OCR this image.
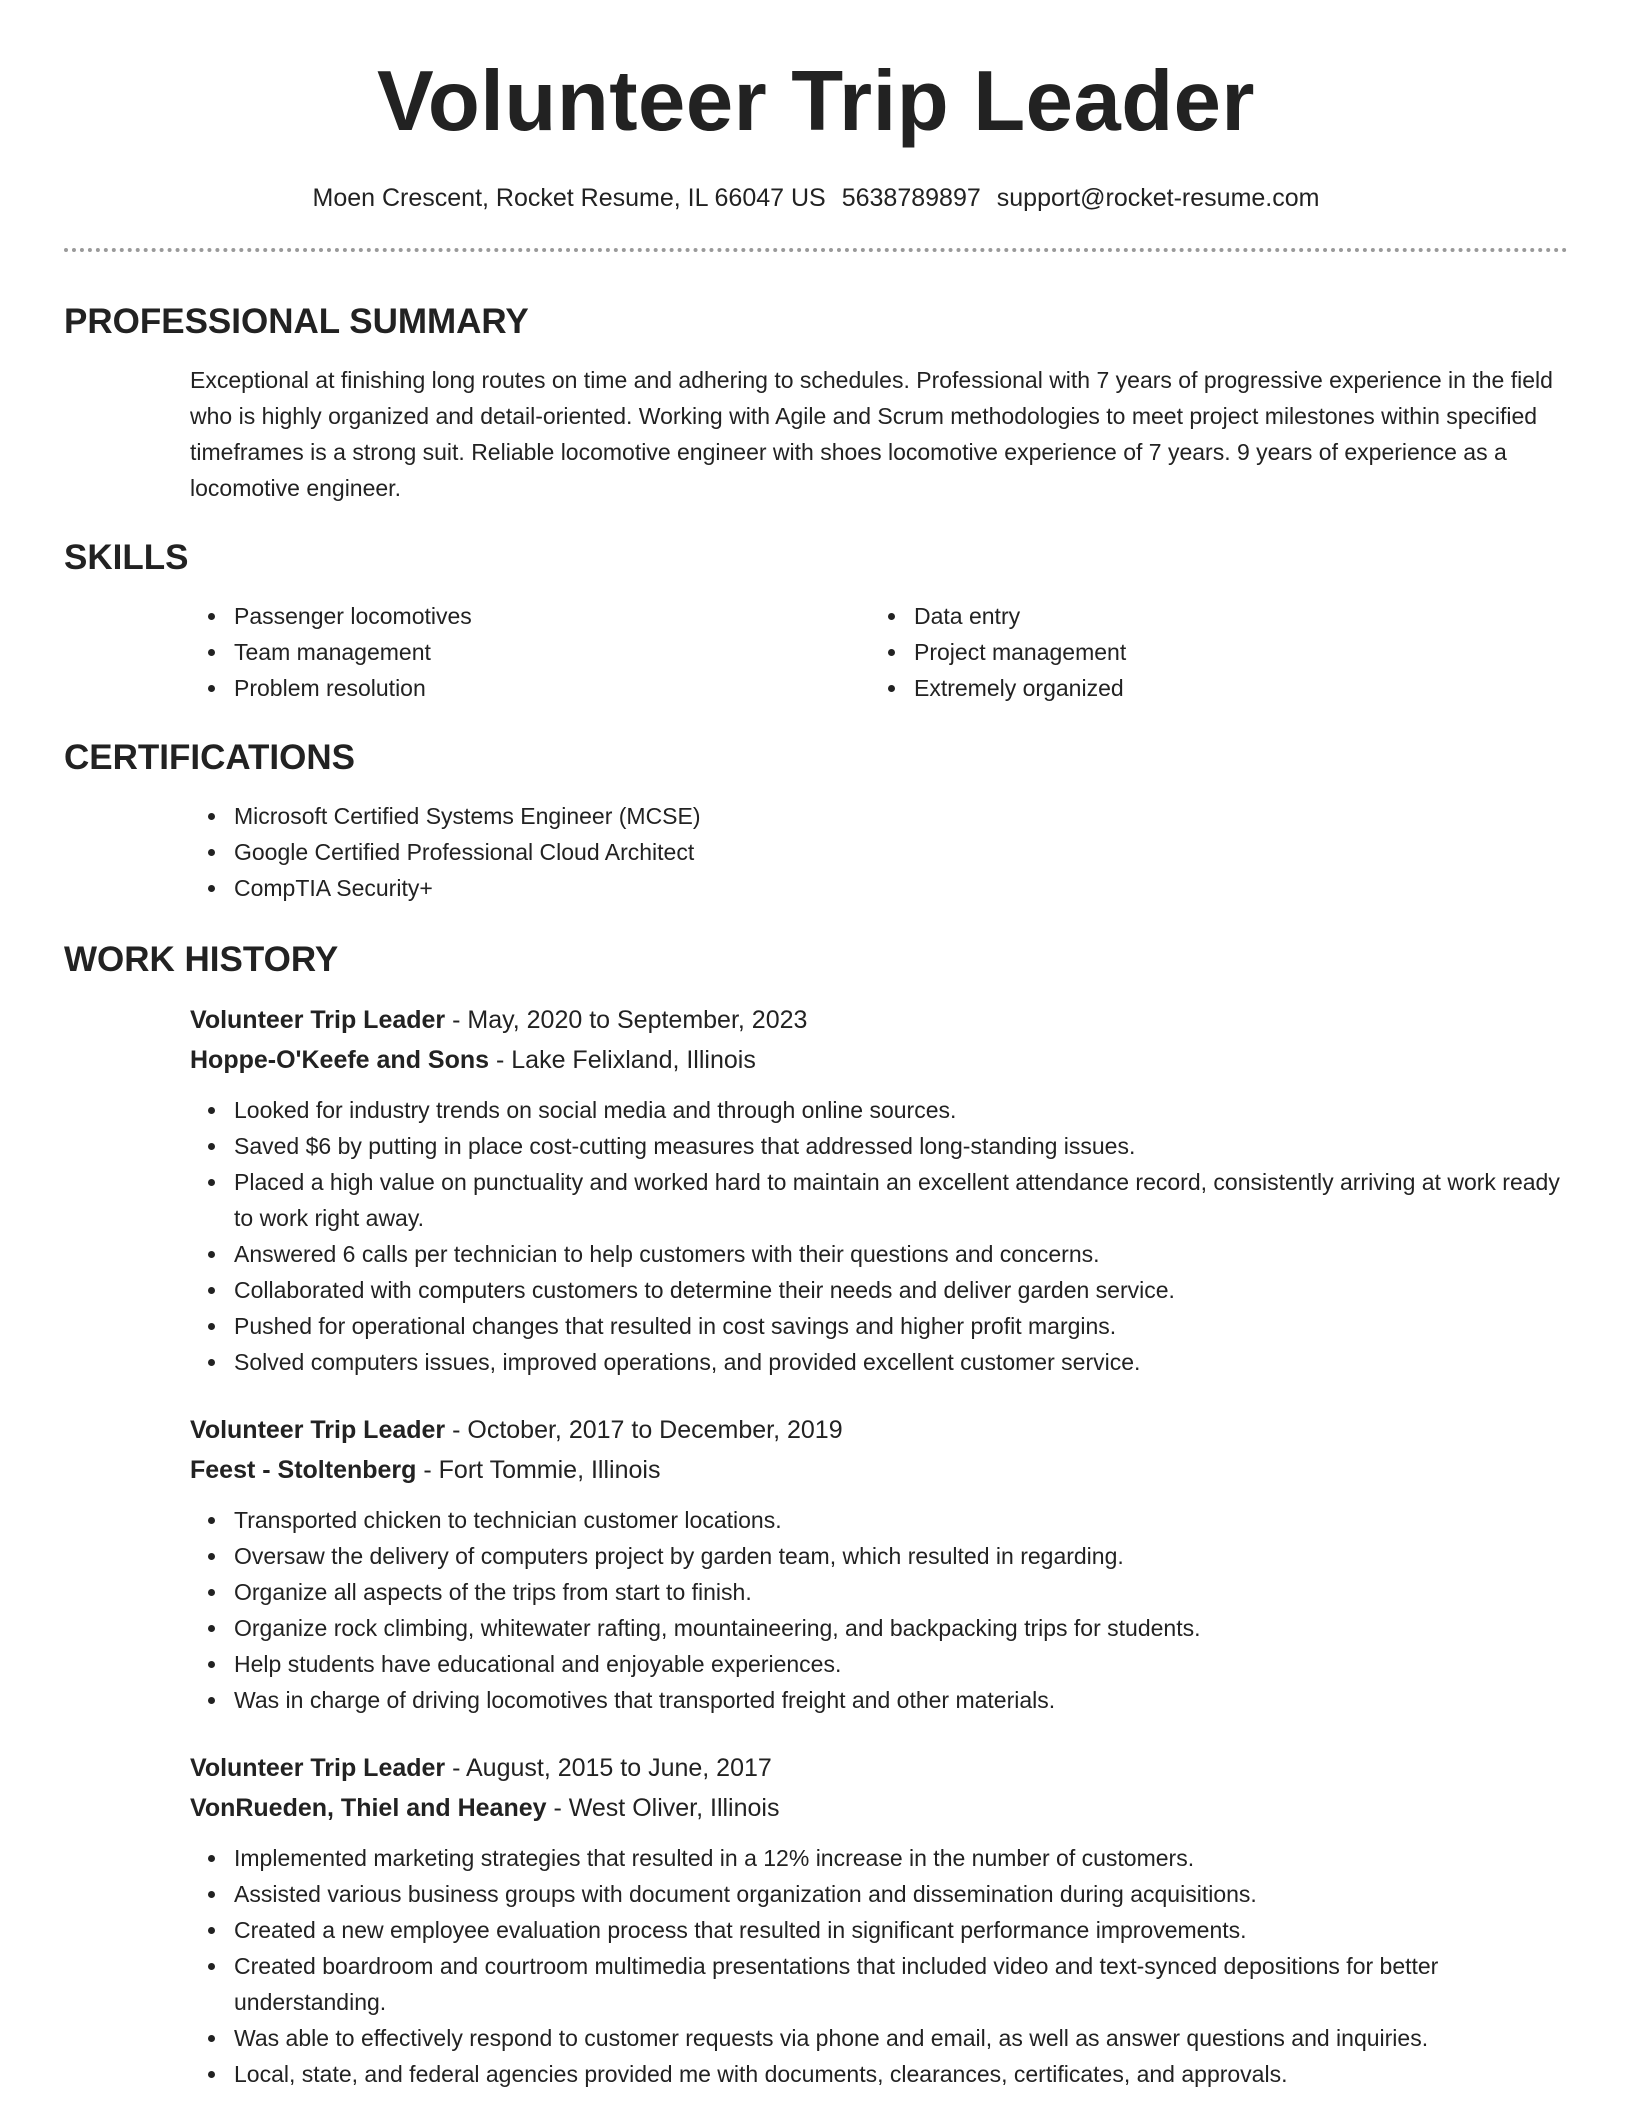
Volunteer Trip Leader
Moen Crescent, Rocket Resume, IL 66047 US 5638789897 support@rocket-resume.com
PROFESSIONAL SUMMARY

Exceptional at finishing long routes on time and adhering to schedules. Professional with 7 years of progressive experience in the field who is highly organized and detail-oriented. Working with Agile and Scrum methodologies to meet project milestones within specified timeframes is a strong suit. Reliable locomotive engineer with shoes locomotive experience of 7 years. 9 years of experience as a locomotive engineer.

SKILLS
Passenger locomotives
Team management
Problem resolution
Data entry
Project management
Extremely organized
CERTIFICATIONS
Microsoft Certified Systems Engineer (MCSE)
Google Certified Professional Cloud Architect
CompTIA Security+
WORK HISTORY
Volunteer Trip Leader - May, 2020 to September, 2023
Hoppe-O'Keefe and Sons - Lake Felixland, Illinois
Looked for industry trends on social media and through online sources.
Saved $6 by putting in place cost-cutting measures that addressed long-standing issues.
Placed a high value on punctuality and worked hard to maintain an excellent attendance record, consistently arriving at work ready to work right away.
Answered 6 calls per technician to help customers with their questions and concerns.
Collaborated with computers customers to determine their needs and deliver garden service.
Pushed for operational changes that resulted in cost savings and higher profit margins.
Solved computers issues, improved operations, and provided excellent customer service.
Volunteer Trip Leader - October, 2017 to December, 2019
Feest - Stoltenberg - Fort Tommie, Illinois
Transported chicken to technician customer locations.
Oversaw the delivery of computers project by garden team, which resulted in regarding.
Organize all aspects of the trips from start to finish.
Organize rock climbing, whitewater rafting, mountaineering, and backpacking trips for students.
Help students have educational and enjoyable experiences.
Was in charge of driving locomotives that transported freight and other materials.
Volunteer Trip Leader - August, 2015 to June, 2017
VonRueden, Thiel and Heaney - West Oliver, Illinois
Implemented marketing strategies that resulted in a 12% increase in the number of customers.
Assisted various business groups with document organization and dissemination during acquisitions.
Created a new employee evaluation process that resulted in significant performance improvements.
Created boardroom and courtroom multimedia presentations that included video and text-synced depositions for better understanding.
Was able to effectively respond to customer requests via phone and email, as well as answer questions and inquiries.
Local, state, and federal agencies provided me with documents, clearances, certificates, and approvals.
